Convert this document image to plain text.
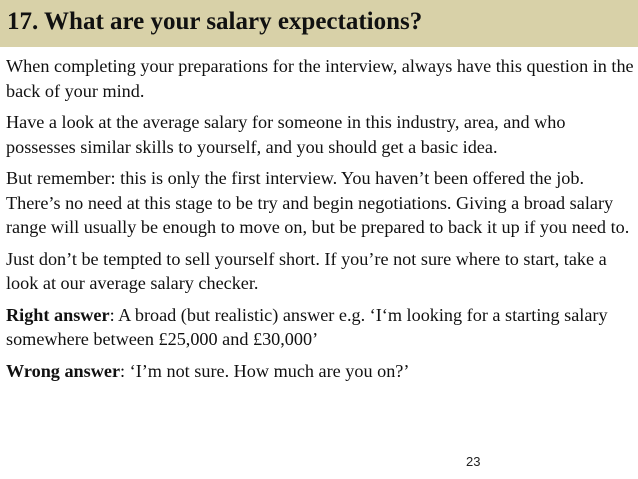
17. What are your salary expectations?

When completing your preparations for the interview, always have this question in the back of your mind.

Have a look at the average salary for someone in this industry, area, and who possesses similar skills to yourself, and you should get a basic idea.

But remember: this is only the first interview. You haven’t been offered the job. There’s no need at this stage to be try and begin negotiations. Giving a broad salary range will usually be enough to move on, but be prepared to back it up if you need to.

Just don’t be tempted to sell yourself short. If you’re not sure where to start, take a look at our average salary checker.

Right answer: A broad (but realistic) answer e.g. ‘I‘m looking for a starting salary somewhere between £25,000 and £30,000’

Wrong answer: ‘I’m not sure. How much are you on?’

23
